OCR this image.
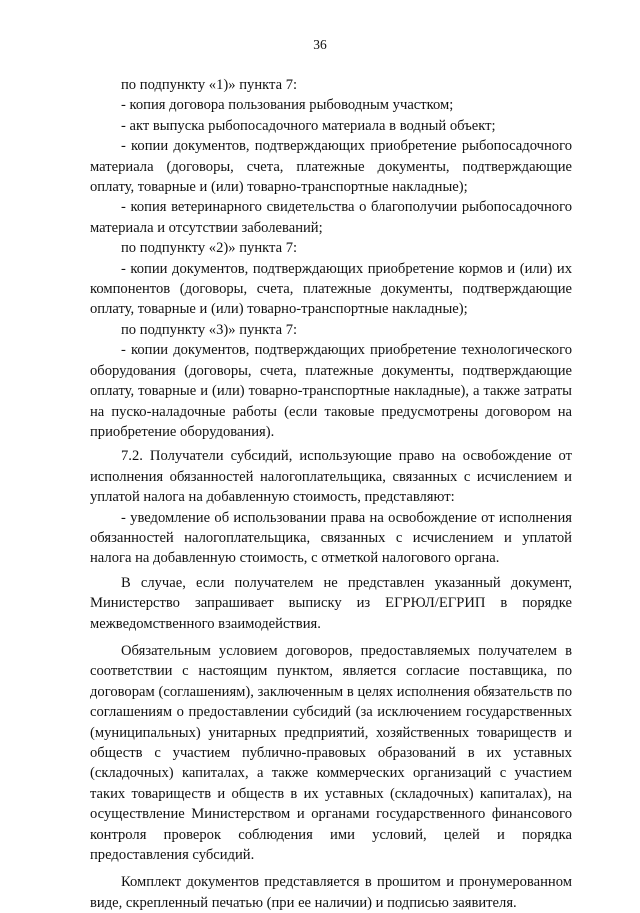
36

по подпункту «1)» пункта 7:

- копия договора пользования рыбоводным участком;

- акт выпуска рыбопосадочного материала в водный объект;

- копии документов, подтверждающих приобретение рыбопосадочного материала (договоры, счета, платежные документы, подтверждающие оплату, товарные и (или) товарно-транспортные накладные);

- копия ветеринарного свидетельства о благополучии рыбопосадочного материала и отсутствии заболеваний;

по подпункту «2)» пункта 7:

- копии документов, подтверждающих приобретение кормов и (или) их компонентов (договоры, счета, платежные документы, подтверждающие оплату, товарные и (или) товарно-транспортные накладные);

по подпункту «3)» пункта 7:

- копии документов, подтверждающих приобретение технологического оборудования (договоры, счета, платежные документы, подтверждающие оплату, товарные и (или) товарно-транспортные накладные), а также затраты на пуско-наладочные работы (если таковые предусмотрены договором на приобретение оборудования).

7.2. Получатели субсидий, использующие право на освобождение от исполнения обязанностей налогоплательщика, связанных с исчислением и уплатой налога на добавленную стоимость, представляют:

- уведомление об использовании права на освобождение от исполнения обязанностей налогоплательщика, связанных с исчислением и уплатой налога на добавленную стоимость, с отметкой налогового органа.

В случае, если получателем не представлен указанный документ, Министерство запрашивает выписку из ЕГРЮЛ/ЕГРИП в порядке межведомственного взаимодействия.

Обязательным условием договоров, предоставляемых получателем в соответствии с настоящим пунктом, является согласие поставщика, по договорам (соглашениям), заключенным в целях исполнения обязательств по соглашениям о предоставлении субсидий (за исключением государственных (муниципальных) унитарных предприятий, хозяйственных товариществ и обществ с участием публично-правовых образований в их уставных (складочных) капиталах, а также коммерческих организаций с участием таких товариществ и обществ в их уставных (складочных) капиталах), на осуществление Министерством и органами государственного финансового контроля проверок соблюдения ими условий, целей и порядка предоставления субсидий.

Комплект документов представляется в прошитом и пронумерованном виде, скрепленный печатью (при ее наличии) и подписью заявителя.
